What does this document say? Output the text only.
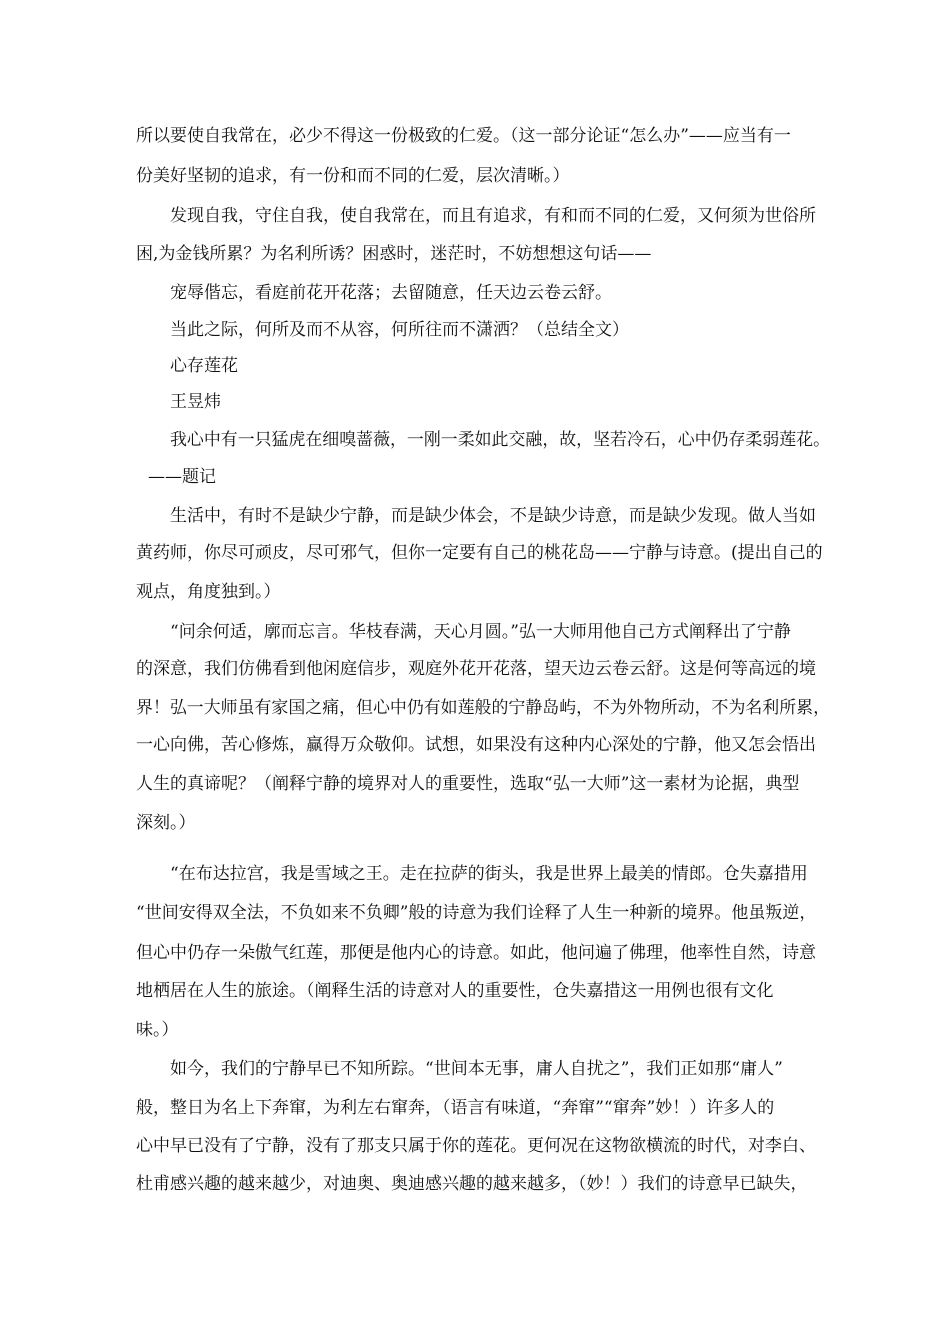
所以要使自我常在，必少不得这一份极致的仁爱。（这一部分论证“怎么办”——应当有一
份美好坚韧的追求，有一份和而不同的仁爱，层次清晰。）
发现自我，守住自我，使自我常在，而且有追求，有和而不同的仁爱，又何须为世俗所
困,为金钱所累？为名利所诱？困惑时，迷茫时，不妨想想这句话——
宠辱偕忘，看庭前花开花落；去留随意，任天边云卷云舒。
当此之际，何所及而不从容，何所往而不潇洒？（总结全文）
心存莲花
王昱炜
我心中有一只猛虎在细嗅蔷薇，一刚一柔如此交融，故，坚若冷石，心中仍存柔弱莲花。
——题记
生活中，有时不是缺少宁静，而是缺少体会，不是缺少诗意，而是缺少发现。做人当如
黄药师，你尽可顽皮，尽可邪气，但你一定要有自己的桃花岛——宁静与诗意。(提出自己的
观点，角度独到。）
“问余何适，廓而忘言。华枝春满，天心月圆。”弘一大师用他自己方式阐释出了宁静
的深意，我们仿佛看到他闲庭信步，观庭外花开花落，望天边云卷云舒。这是何等高远的境
界！弘一大师虽有家国之痛，但心中仍有如莲般的宁静岛屿，不为外物所动，不为名利所累，
一心向佛，苦心修炼，赢得万众敬仰。试想，如果没有这种内心深处的宁静，他又怎会悟出
人生的真谛呢？（阐释宁静的境界对人的重要性，选取“弘一大师”这一素材为论据，典型
深刻。）
“在布达拉宫，我是雪域之王。走在拉萨的街头，我是世界上最美的情郎。仓失嘉措用
“世间安得双全法，不负如来不负卿”般的诗意为我们诠释了人生一种新的境界。他虽叛逆，
但心中仍存一朵傲气红莲，那便是他内心的诗意。如此，他问遍了佛理，他率性自然，诗意
地栖居在人生的旅途。（阐释生活的诗意对人的重要性，仓失嘉措这一用例也很有文化
味。）
如今，我们的宁静早已不知所踪。“世间本无事，庸人自扰之”，我们正如那“庸人”
般，整日为名上下奔窜，为利左右窜奔，（语言有味道，“奔窜”“窜奔”妙！）许多人的
心中早已没有了宁静，没有了那支只属于你的莲花。更何况在这物欲横流的时代，对李白、
杜甫感兴趣的越来越少，对迪奥、奥迪感兴趣的越来越多，（妙！）我们的诗意早已缺失，
